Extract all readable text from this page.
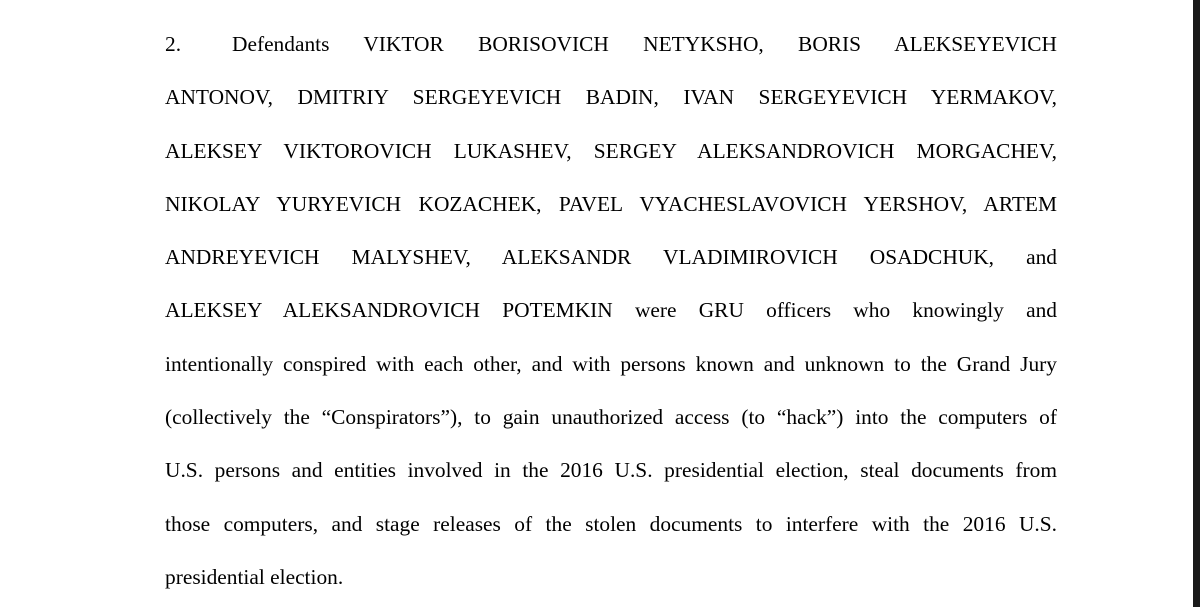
2. Defendants VIKTOR BORISOVICH NETYKSHO, BORIS ALEKSEYEVICH
ANTONOV, DMITRIY SERGEYEVICH BADIN, IVAN SERGEYEVICH YERMAKOV,
ALEKSEY VIKTOROVICH LUKASHEV, SERGEY ALEKSANDROVICH MORGACHEV,
NIKOLAY YURYEVICH KOZACHEK, PAVEL VYACHESLAVOVICH YERSHOV, ARTEM
ANDREYEVICH MALYSHEV, ALEKSANDR VLADIMIROVICH OSADCHUK, and
ALEKSEY ALEKSANDROVICH POTEMKIN were GRU officers who knowingly and
intentionally conspired with each other, and with persons known and unknown to the Grand Jury
(collectively the “Conspirators”), to gain unauthorized access (to “hack”) into the computers of
U.S. persons and entities involved in the 2016 U.S. presidential election, steal documents from
those computers, and stage releases of the stolen documents to interfere with the 2016 U.S.
presidential election.
